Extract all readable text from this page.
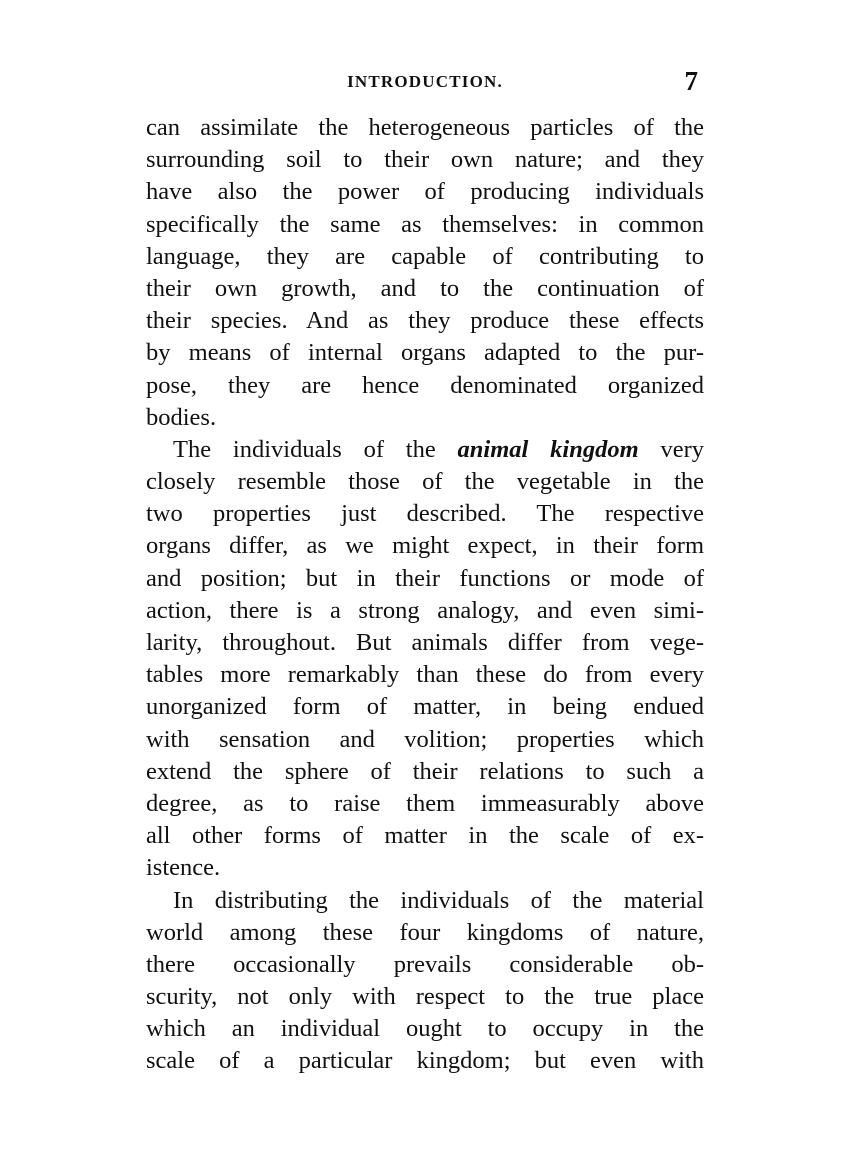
INTRODUCTION.	7
can assimilate the heterogeneous particles of the
surrounding soil to their own nature; and they
have also the power of producing individuals
specifically the same as themselves: in common
language, they are capable of contributing to
their own growth, and to the continuation of
their species. And as they produce these effects
by means of internal organs adapted to the pur-
pose, they are hence denominated organized
bodies.
The individuals of the animal kingdom very
closely resemble those of the vegetable in the
two properties just described. The respective
organs differ, as we might expect, in their form
and position; but in their functions or mode of
action, there is a strong analogy, and even simi-
larity, throughout. But animals differ from vege-
tables more remarkably than these do from every
unorganized form of matter, in being endued
with sensation and volition; properties which
extend the sphere of their relations to such a
degree, as to raise them immeasurably above
all other forms of matter in the scale of ex-
istence.
In distributing the individuals of the material
world among these four kingdoms of nature,
there occasionally prevails considerable ob-
scurity, not only with respect to the true place
which an individual ought to occupy in the
scale of a particular kingdom; but even with
